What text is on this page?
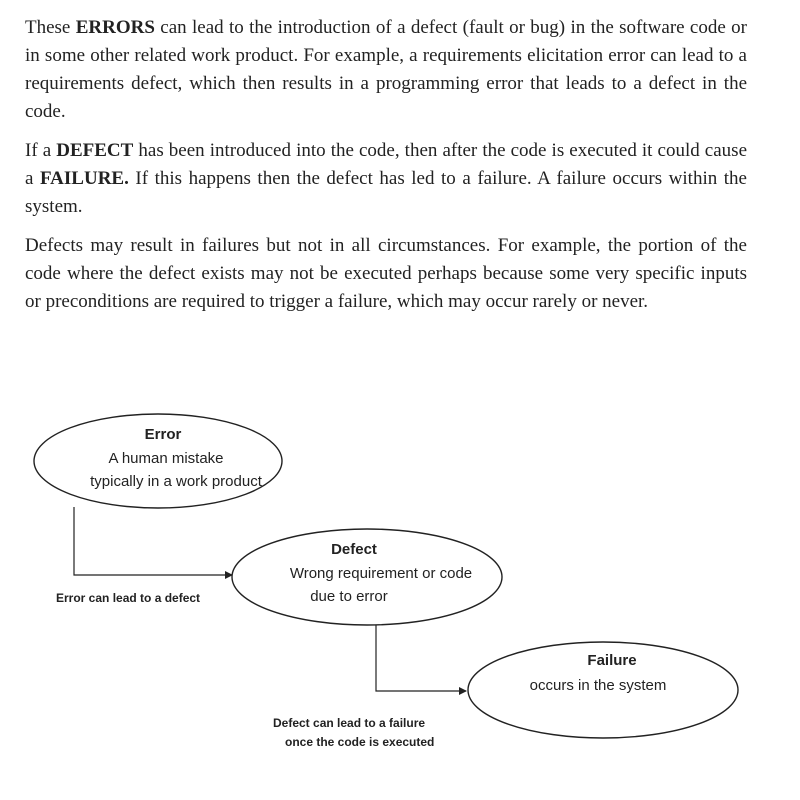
These ERRORS can lead to the introduction of a defect (fault or bug) in the software code or in some other related work product. For example, a requirements elicitation error can lead to a requirements defect, which then results in a programming error that leads to a defect in the code.

If a DEFECT has been introduced into the code, then after the code is executed it could cause a FAILURE. If this happens then the defect has led to a failure. A failure occurs within the system.

Defects may result in failures but not in all circumstances. For example, the portion of the code where the defect exists may not be executed perhaps because some very specific inputs or preconditions are required to trigger a failure, which may occur rarely or never.

Error
A human mistake
typically in a work product
Error can lead to a defect
Defect
Wrong requirement or code
due to error
Defect can lead to a failure
once the code is executed
Failure
occurs in the system
